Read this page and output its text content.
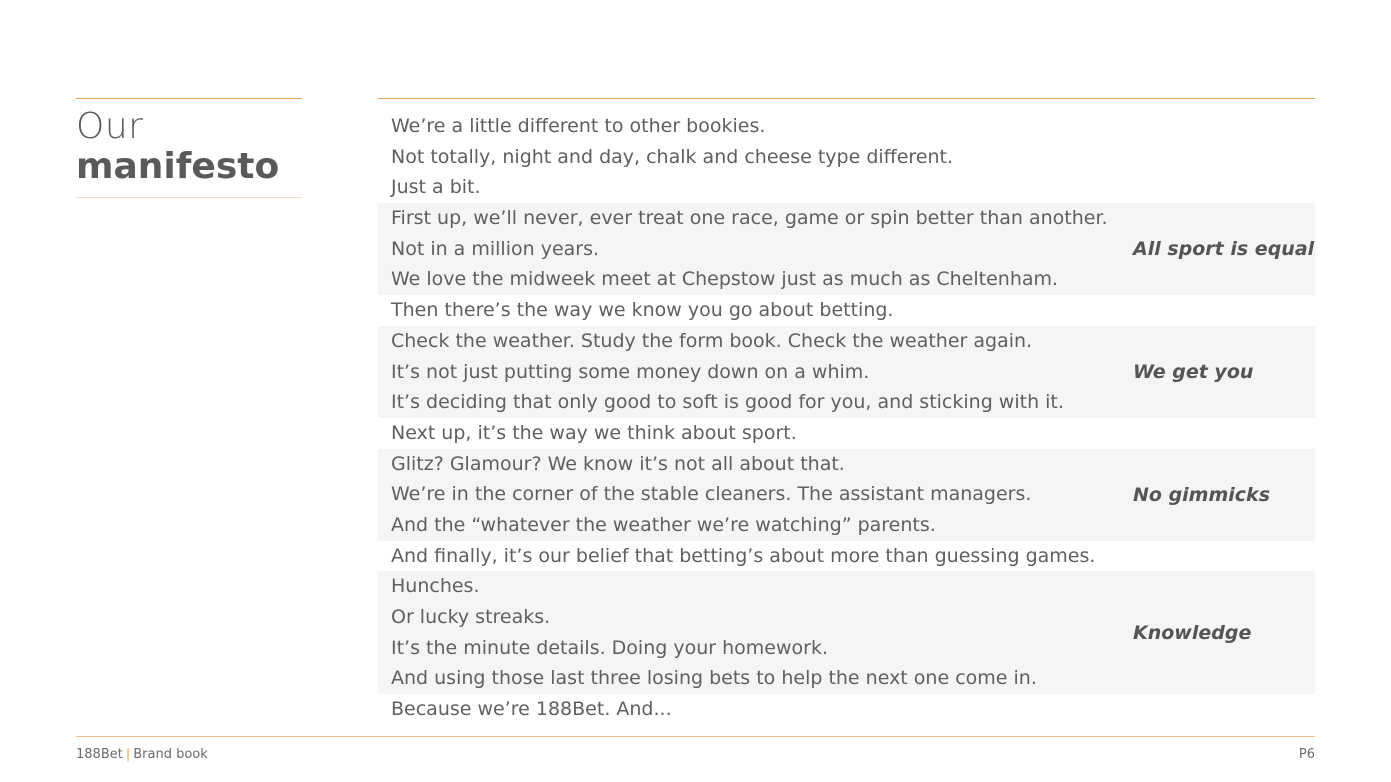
Our
manifesto
We’re a little different to other bookies.
Not totally, night and day, chalk and cheese type different.
Just a bit.
First up, we’ll never, ever treat one race, game or spin better than another.
Not in a million years.
We love the midweek meet at Chepstow just as much as Cheltenham.
All sport is equal
Then there’s the way we know you go about betting.
Check the weather. Study the form book. Check the weather again.
It’s not just putting some money down on a whim.
It’s deciding that only good to soft is good for you, and sticking with it.
We get you
Next up, it’s the way we think about sport.
Glitz? Glamour? We know it’s not all about that.
We’re in the corner of the stable cleaners. The assistant managers.
And the “whatever the weather we’re watching” parents.
No gimmicks
And finally, it’s our belief that betting’s about more than guessing games.
Hunches.
Or lucky streaks.
It’s the minute details. Doing your homework.
And using those last three losing bets to help the next one come in.
Knowledge
Because we’re 188Bet. And...
188Bet | Brand book	P6
